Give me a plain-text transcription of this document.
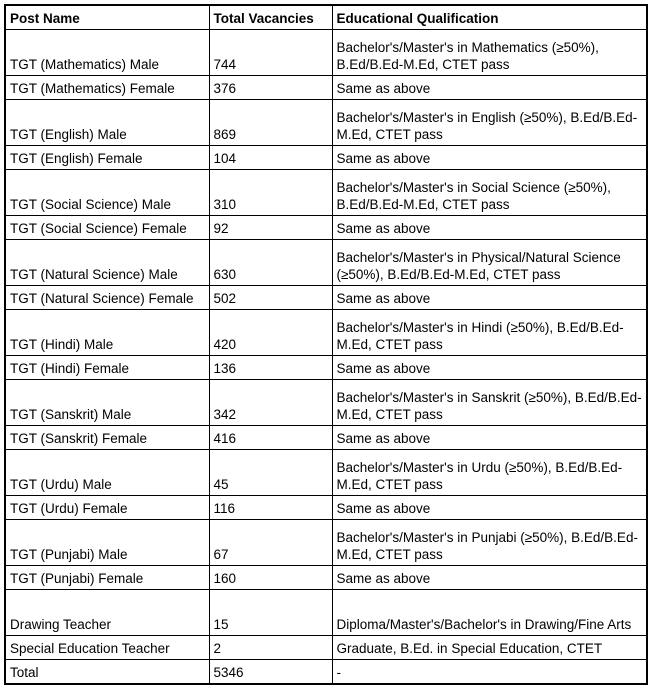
Post Name	Total Vacancies	Educational Qualification
TGT (Mathematics) Male	744	Bachelor's/Master's in Mathematics (≥50%), B.Ed/B.Ed-M.Ed, CTET pass
TGT (Mathematics) Female	376	Same as above
TGT (English) Male	869	Bachelor's/Master's in English (≥50%), B.Ed/B.Ed-M.Ed, CTET pass
TGT (English) Female	104	Same as above
TGT (Social Science) Male	310	Bachelor's/Master's in Social Science (≥50%), B.Ed/B.Ed-M.Ed, CTET pass
TGT (Social Science) Female	92	Same as above
TGT (Natural Science) Male	630	Bachelor's/Master's in Physical/Natural Science (≥50%), B.Ed/B.Ed-M.Ed, CTET pass
TGT (Natural Science) Female	502	Same as above
TGT (Hindi) Male	420	Bachelor's/Master's in Hindi (≥50%), B.Ed/B.Ed-M.Ed, CTET pass
TGT (Hindi) Female	136	Same as above
TGT (Sanskrit) Male	342	Bachelor's/Master's in Sanskrit (≥50%), B.Ed/B.Ed-M.Ed, CTET pass
TGT (Sanskrit) Female	416	Same as above
TGT (Urdu) Male	45	Bachelor's/Master's in Urdu (≥50%), B.Ed/B.Ed-M.Ed, CTET pass
TGT (Urdu) Female	116	Same as above
TGT (Punjabi) Male	67	Bachelor's/Master's in Punjabi (≥50%), B.Ed/B.Ed-M.Ed, CTET pass
TGT (Punjabi) Female	160	Same as above
Drawing Teacher	15	Diploma/Master's/Bachelor's in Drawing/Fine Arts
Special Education Teacher	2	Graduate, B.Ed. in Special Education, CTET
Total	5346	-
